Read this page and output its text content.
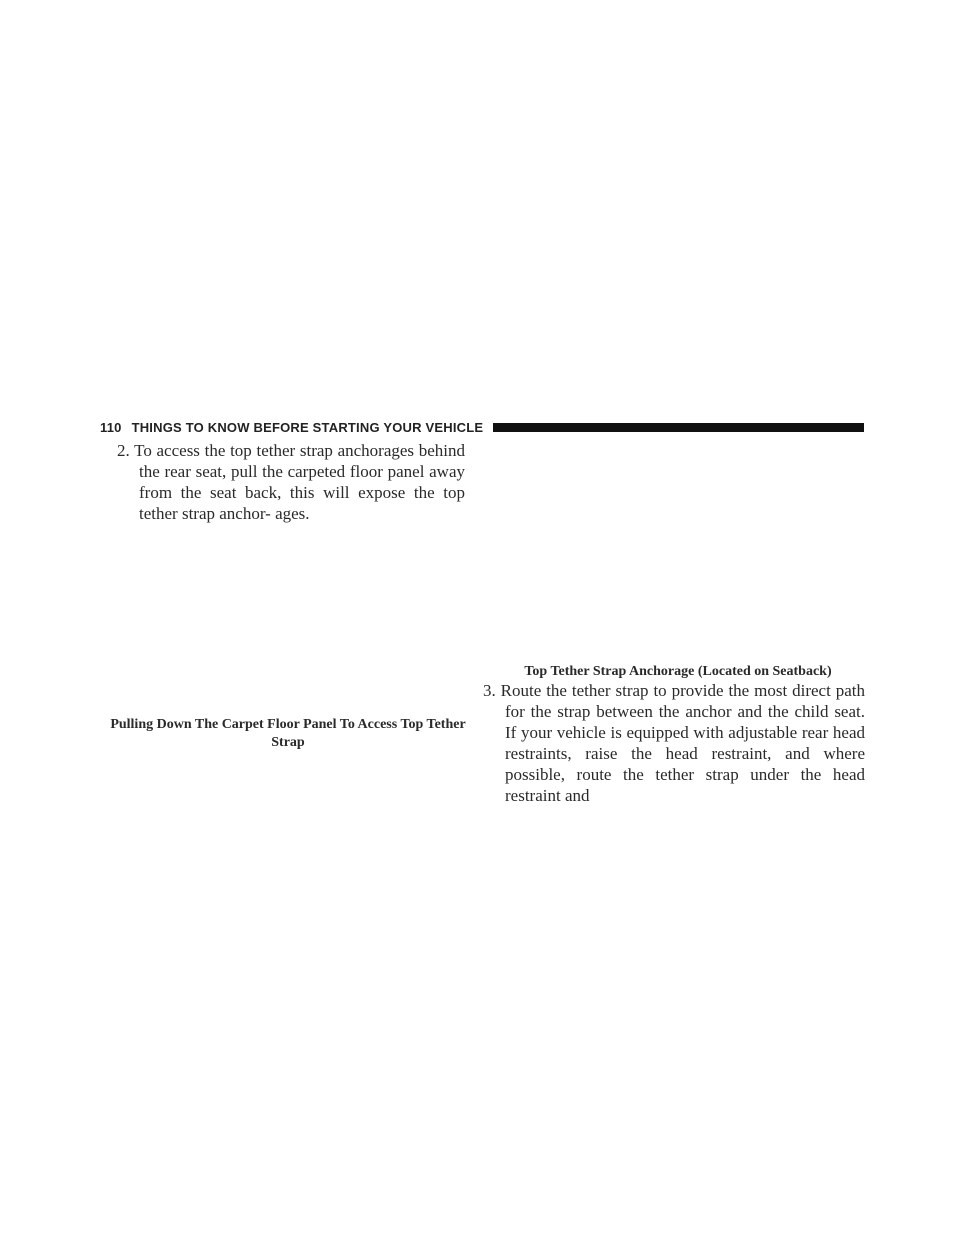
110 THINGS TO KNOW BEFORE STARTING YOUR VEHICLE

2. To access the top tether strap anchorages behind the rear seat, pull the carpeted floor panel away from the seat back, this will expose the top tether strap anchor- ages.

Pulling Down The Carpet Floor Panel To Access Top Tether Strap
Top Tether Strap Anchorage (Located on Seatback)

3. Route the tether strap to provide the most direct path for the strap between the anchor and the child seat. If your vehicle is equipped with adjustable rear head restraints, raise the head restraint, and where possible, route the tether strap under the head restraint and
